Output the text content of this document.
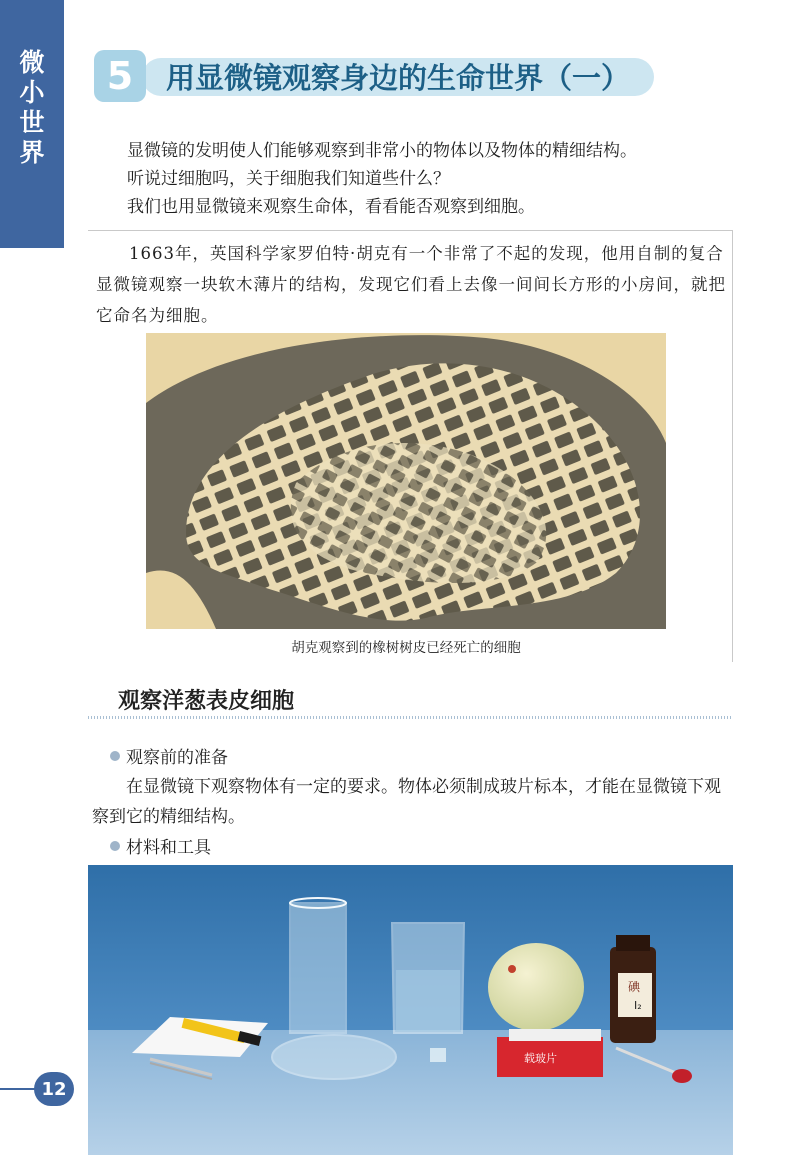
微
小
世
界
5	用显微镜观察身边的生命世界（一）

显微镜的发明使人们能够观察到非常小的物体以及物体的精细结构。

听说过细胞吗，关于细胞我们知道些什么？

我们也用显微镜来观察生命体，看看能否观察到细胞。

1663年，英国科学家罗伯特·胡克有一个非常了不起的发现，他用自制的复合显微镜观察一块软木薄片的结构，发现它们看上去像一间间长方形的小房间，就把它命名为细胞。

胡克观察到的橡树树皮已经死亡的细胞
观察洋葱表皮细胞
观察前的准备

在显微镜下观察物体有一定的要求。物体必须制成玻片标本，才能在显微镜下观察到它的精细结构。

材料和工具
碘
I₂
载玻片
12
